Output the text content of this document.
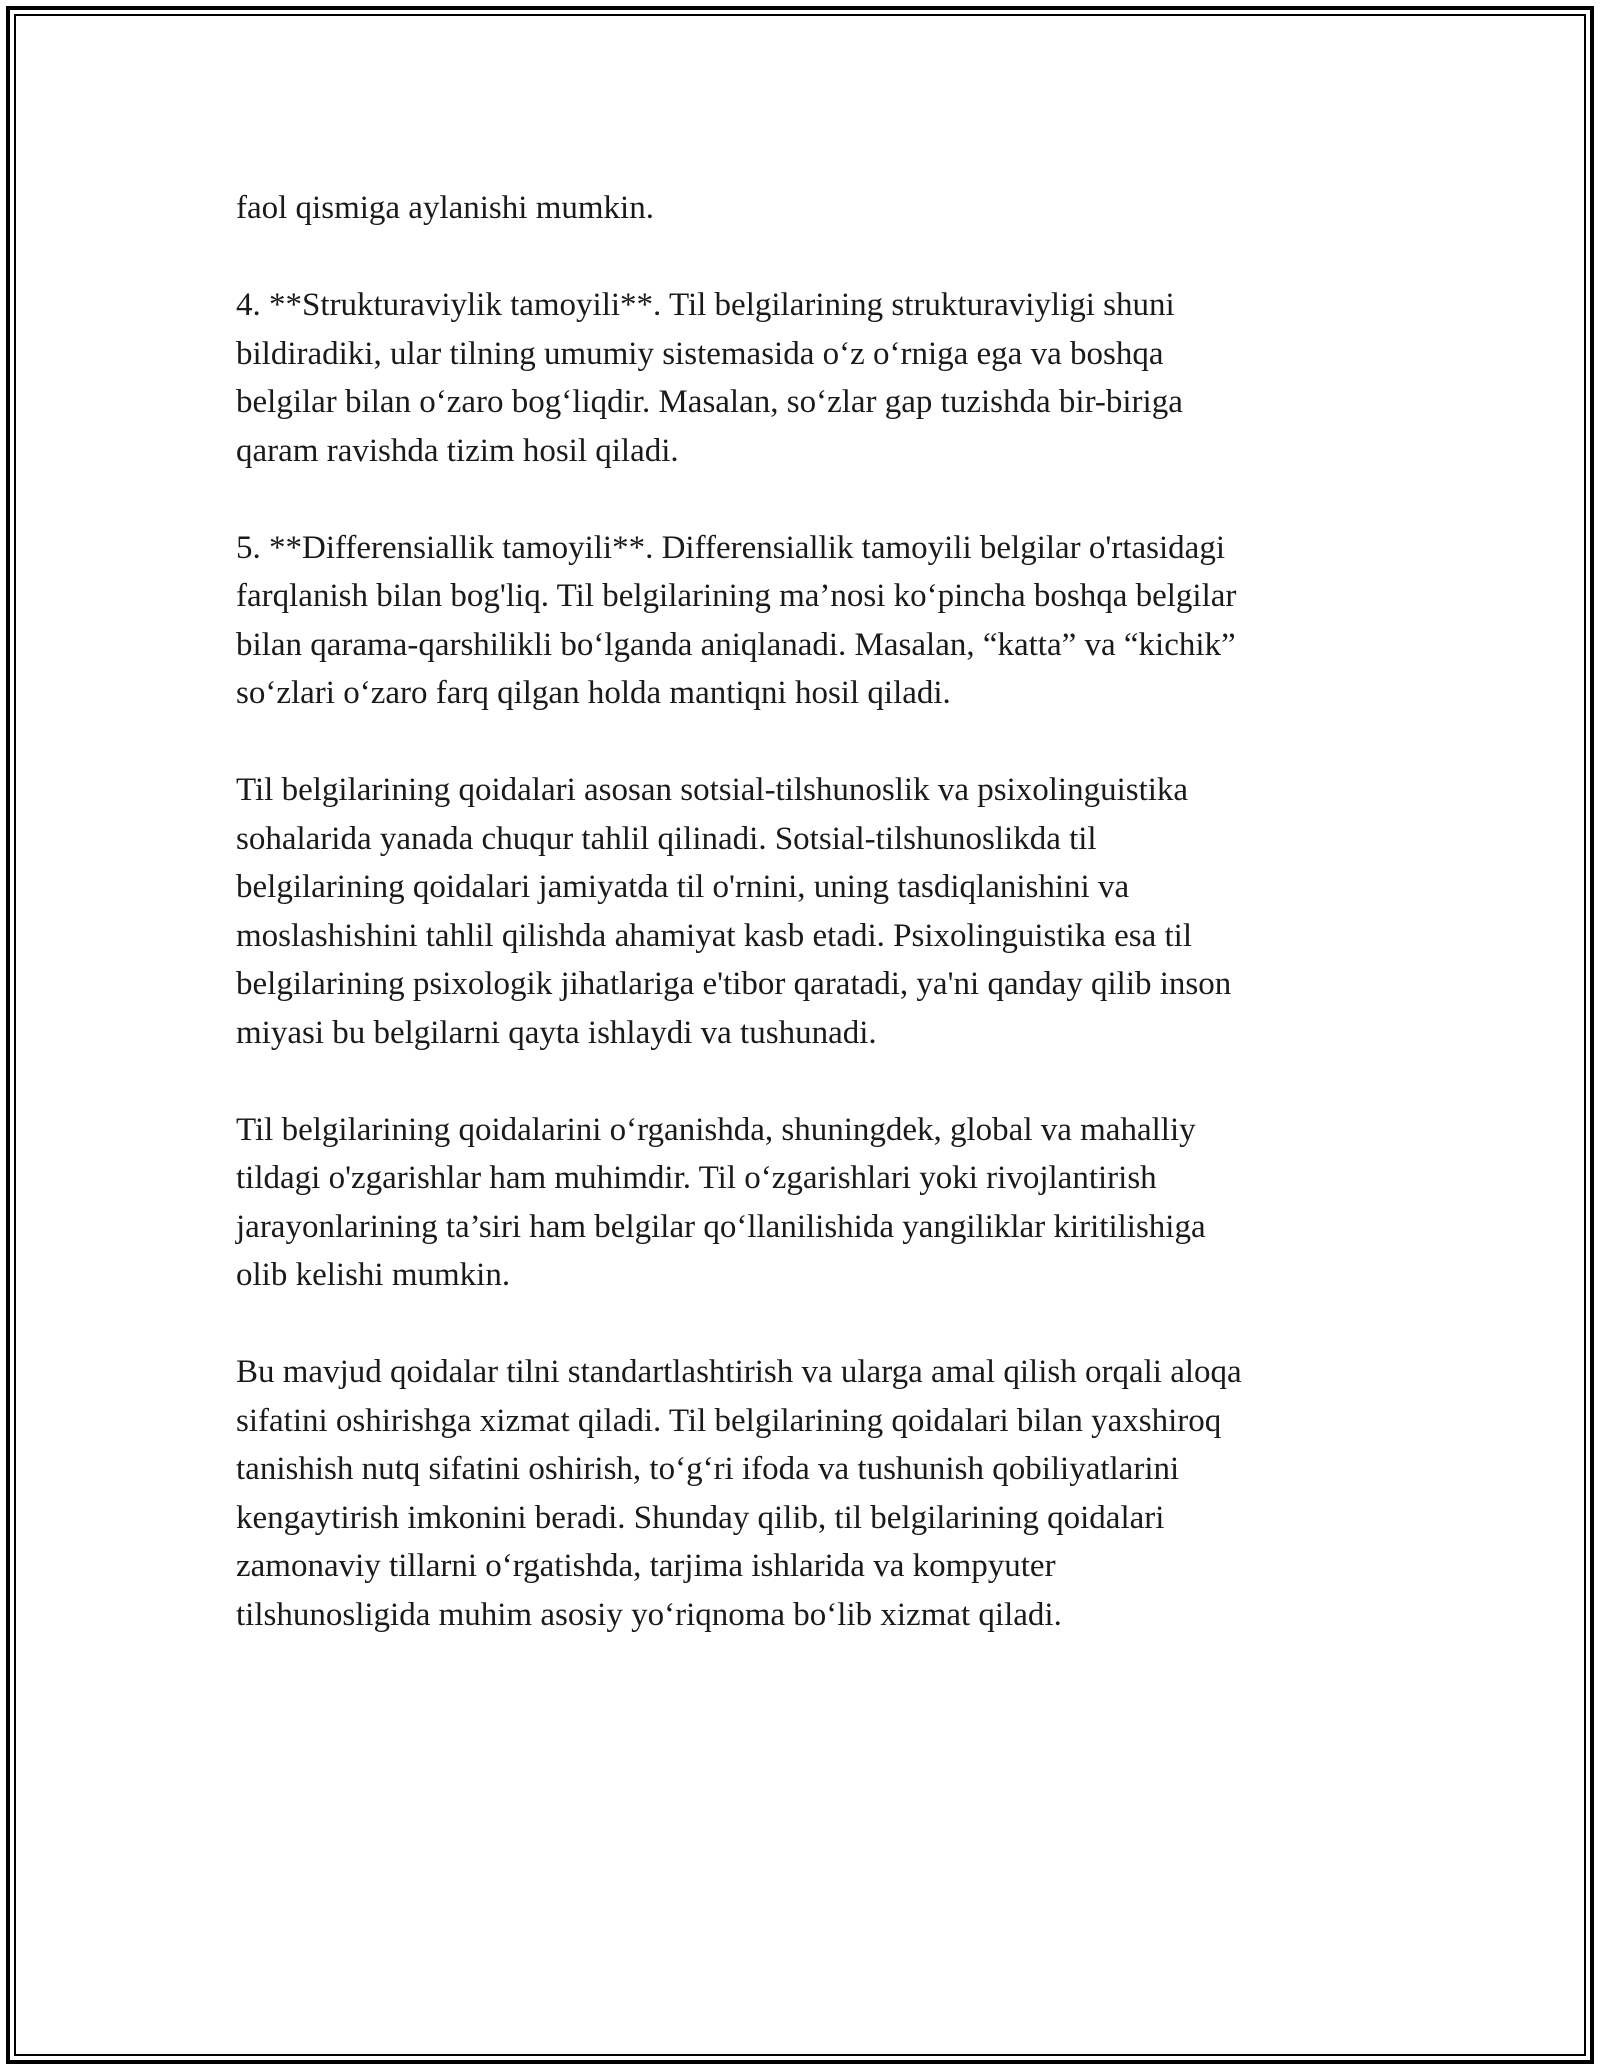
faol qismiga aylanishi mumkin.

4. **Strukturaviylik tamoyili**. Til belgilarining strukturaviyligi shuni
bildiradiki, ular tilning umumiy sistemasida o‘z o‘rniga ega va boshqa
belgilar bilan o‘zaro bog‘liqdir. Masalan, so‘zlar gap tuzishda bir-biriga
qaram ravishda tizim hosil qiladi.

5. **Differensiallik tamoyili**. Differensiallik tamoyili belgilar o'rtasidagi
farqlanish bilan bog'liq. Til belgilarining ma’nosi ko‘pincha boshqa belgilar
bilan qarama-qarshilikli bo‘lganda aniqlanadi. Masalan, “katta” va “kichik”
so‘zlari o‘zaro farq qilgan holda mantiqni hosil qiladi.

Til belgilarining qoidalari asosan sotsial-tilshunoslik va psixolinguistika
sohalarida yanada chuqur tahlil qilinadi. Sotsial-tilshunoslikda til
belgilarining qoidalari jamiyatda til o'rnini, uning tasdiqlanishini va
moslashishini tahlil qilishda ahamiyat kasb etadi. Psixolinguistika esa til
belgilarining psixologik jihatlariga e'tibor qaratadi, ya'ni qanday qilib inson
miyasi bu belgilarni qayta ishlaydi va tushunadi.

Til belgilarining qoidalarini o‘rganishda, shuningdek, global va mahalliy
tildagi o'zgarishlar ham muhimdir. Til o‘zgarishlari yoki rivojlantirish
jarayonlarining ta’siri ham belgilar qo‘llanilishida yangiliklar kiritilishiga
olib kelishi mumkin.

Bu mavjud qoidalar tilni standartlashtirish va ularga amal qilish orqali aloqa
sifatini oshirishga xizmat qiladi. Til belgilarining qoidalari bilan yaxshiroq
tanishish nutq sifatini oshirish, to‘g‘ri ifoda va tushunish qobiliyatlarini
kengaytirish imkonini beradi. Shunday qilib, til belgilarining qoidalari
zamonaviy tillarni o‘rgatishda, tarjima ishlarida va kompyuter
tilshunosligida muhim asosiy yo‘riqnoma bo‘lib xizmat qiladi.
